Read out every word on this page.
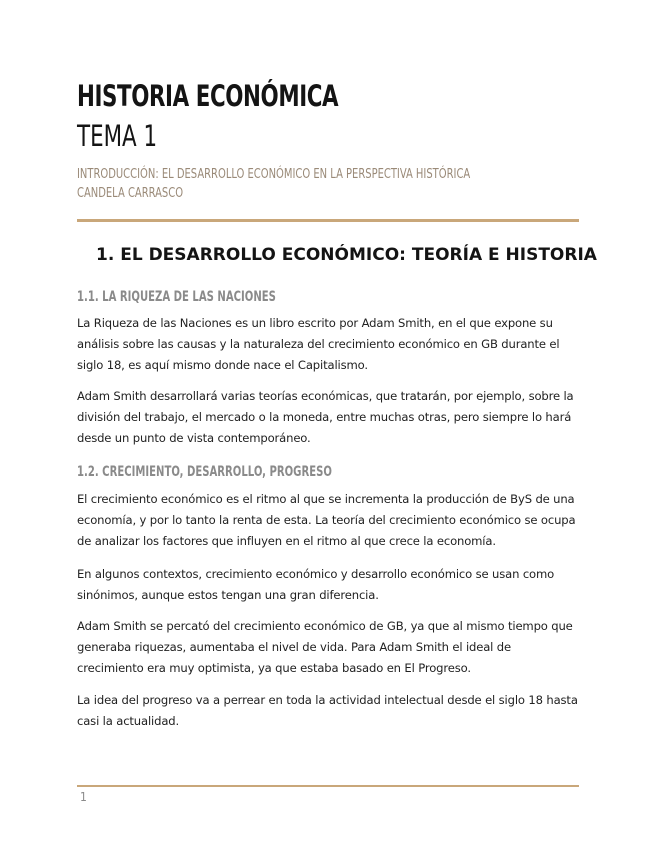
HISTORIA ECONÓMICA
TEMA 1
INTRODUCCIÓN: EL DESARROLLO ECONÓMICO EN LA PERSPECTIVA HISTÓRICA
CANDELA CARRASCO
1. EL DESARROLLO ECONÓMICO: TEORÍA E HISTORIA
1.1. LA RIQUEZA DE LAS NACIONES

La Riqueza de las Naciones es un libro escrito por Adam Smith, en el que expone su análisis sobre las causas y la naturaleza del crecimiento económico en GB durante el siglo 18, es aquí mismo donde nace el Capitalismo.

Adam Smith desarrollará varias teorías económicas, que tratarán, por ejemplo, sobre la división del trabajo, el mercado o la moneda, entre muchas otras, pero siempre lo hará desde un punto de vista contemporáneo.

1.2. CRECIMIENTO, DESARROLLO, PROGRESO

El crecimiento económico es el ritmo al que se incrementa la producción de ByS de una economía, y por lo tanto la renta de esta. La teoría del crecimiento económico se ocupa de analizar los factores que influyen en el ritmo al que crece la economía.

En algunos contextos, crecimiento económico y desarrollo económico se usan como sinónimos, aunque estos tengan una gran diferencia.

Adam Smith se percató del crecimiento económico de GB, ya que al mismo tiempo que generaba riquezas, aumentaba el nivel de vida. Para Adam Smith el ideal de crecimiento era muy optimista, ya que estaba basado en El Progreso.

La idea del progreso va a perrear en toda la actividad intelectual desde el siglo 18 hasta casi la actualidad.

1
